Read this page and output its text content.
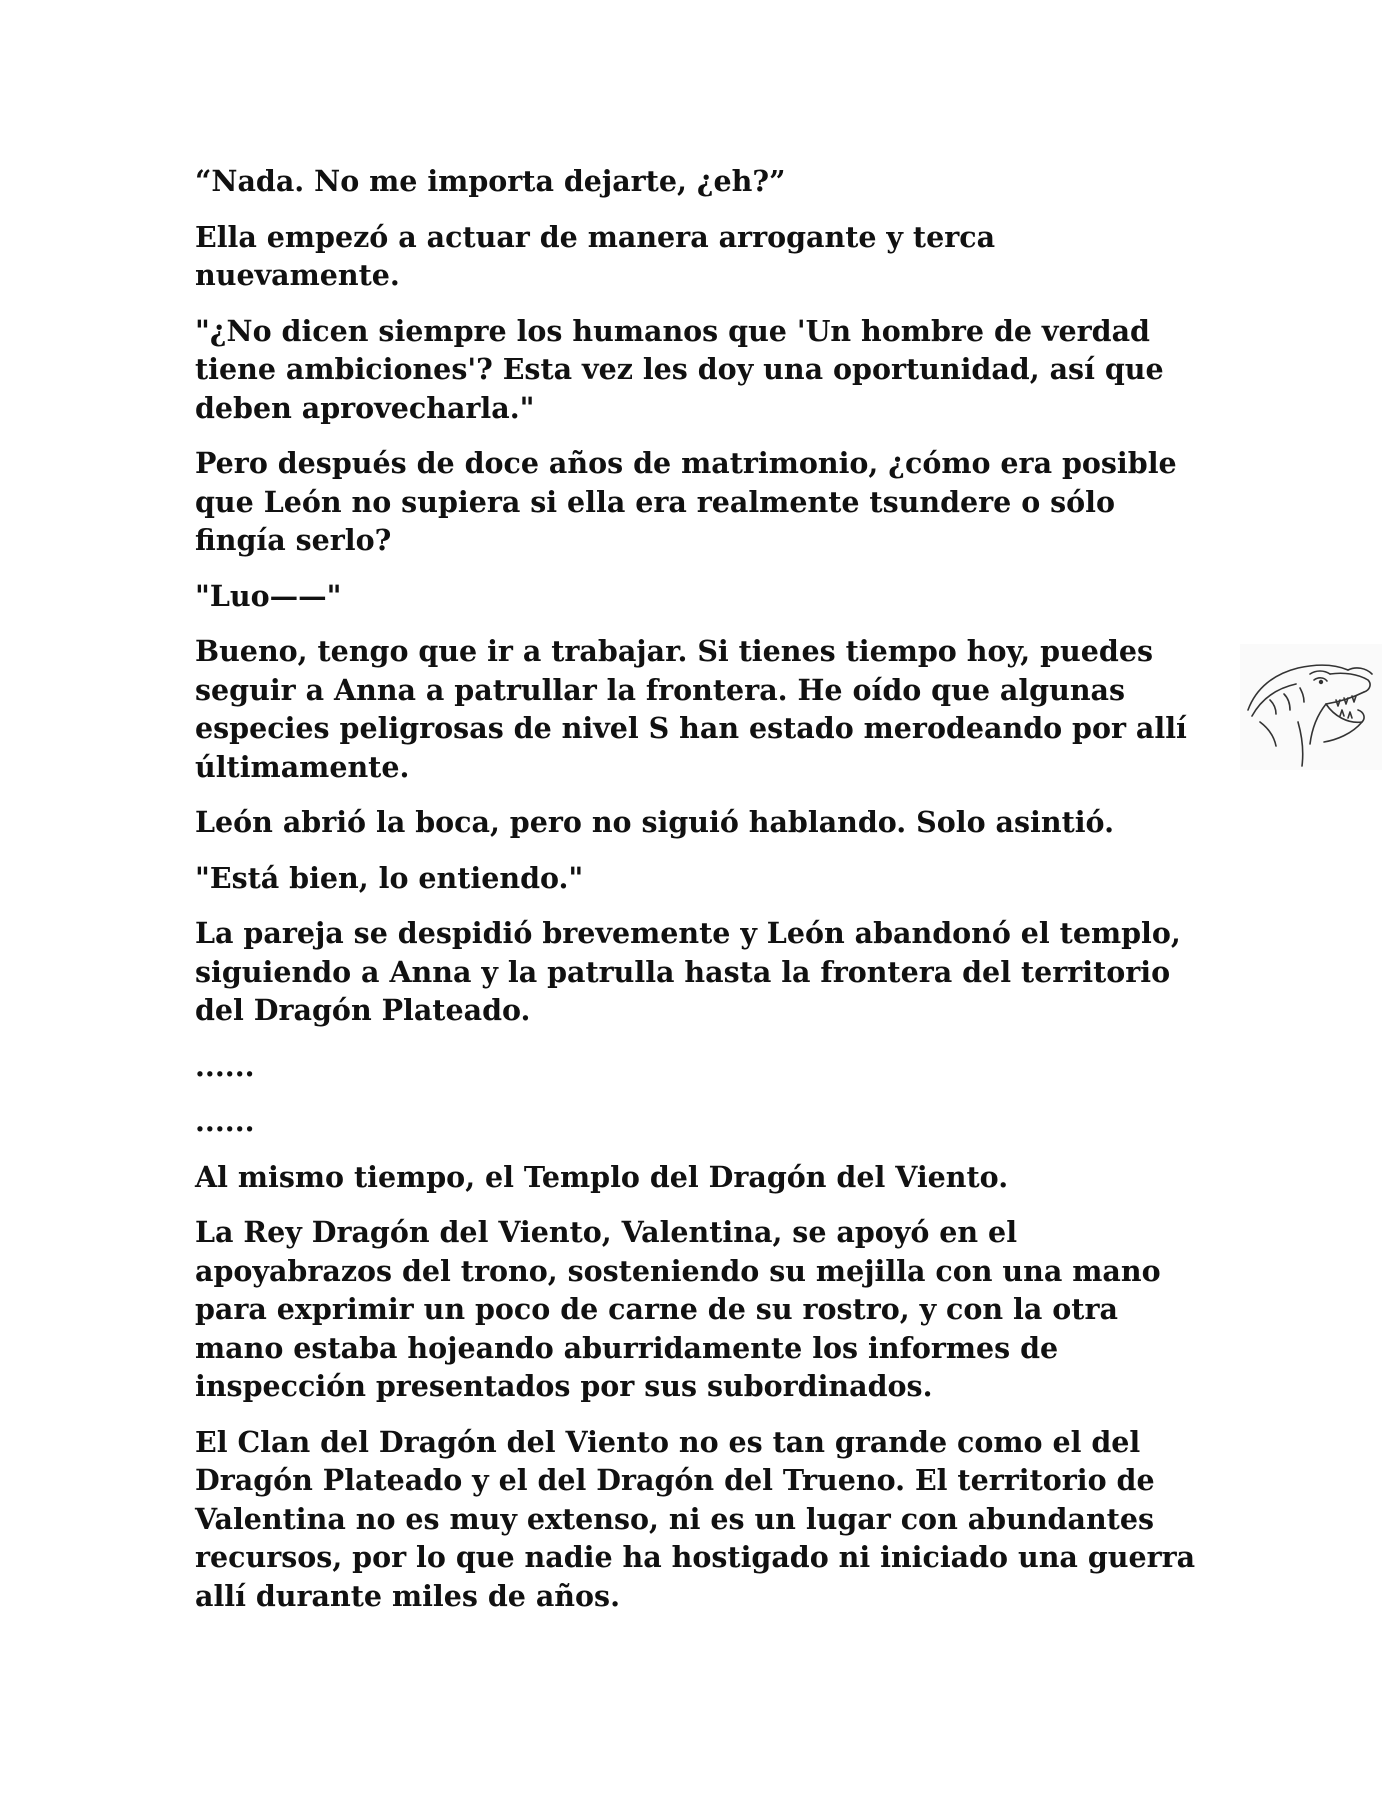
“Nada. No me importa dejarte, ¿eh?”

Ella empezó a actuar de manera arrogante y terca nuevamente.

"¿No dicen siempre los humanos que 'Un hombre de verdad tiene ambiciones'? Esta vez les doy una oportunidad, así que deben aprovecharla."

Pero después de doce años de matrimonio, ¿cómo era posible que León no supiera si ella era realmente tsundere o sólo fingía serlo?

"Luo——"

Bueno, tengo que ir a trabajar. Si tienes tiempo hoy, puedes seguir a Anna a patrullar la frontera. He oído que algunas especies peligrosas de nivel S han estado merodeando por allí últimamente.

León abrió la boca, pero no siguió hablando. Solo asintió.

"Está bien, lo entiendo."

La pareja se despidió brevemente y León abandonó el templo, siguiendo a Anna y la patrulla hasta la frontera del territorio del Dragón Plateado.

......

......

Al mismo tiempo, el Templo del Dragón del Viento.

La Rey Dragón del Viento, Valentina, se apoyó en el apoyabrazos del trono, sosteniendo su mejilla con una mano para exprimir un poco de carne de su rostro, y con la otra mano estaba hojeando aburridamente los informes de inspección presentados por sus subordinados.

El Clan del Dragón del Viento no es tan grande como el del Dragón Plateado y el del Dragón del Trueno. El territorio de Valentina no es muy extenso, ni es un lugar con abundantes recursos, por lo que nadie ha hostigado ni iniciado una guerra allí durante miles de años.
